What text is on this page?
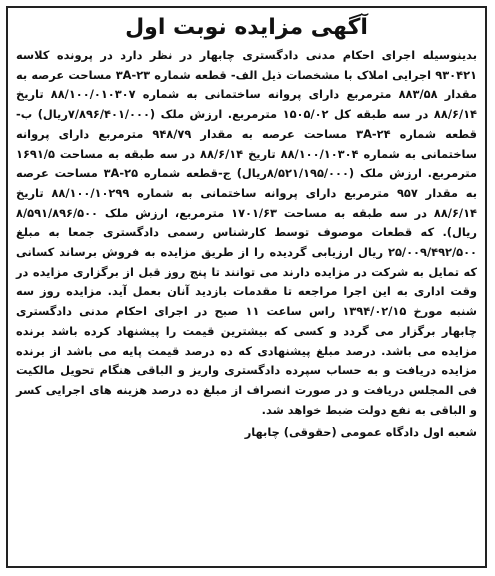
آگهی مزایده نوبت اول

بدینوسیله اجرای احکام مدنی دادگستری چابهار در نظر دارد در پرونده کلاسه ۹۳۰۴۲۱ اجرایی املاک با مشخصات ذیل الف- قطعه شماره ۲۳-۳A مساحت عرصه به مقدار ۸۸۳/۵۸ مترمربع دارای پروانه ساختمانی به شماره ۸۸/۱۰۰/۰۱۰۳۰۷ تاریخ ۸۸/۶/۱۴ در سه طبقه کل ۱۵۰۵/۰۲ مترمربع. ارزش ملک (۷/۸۹۶/۴۰۱/۰۰۰ریال) ب-قطعه شماره ۲۴-۳A مساحت عرصه به مقدار ۹۴۸/۷۹ مترمربع دارای پروانه ساختمانی به شماره ۸۸/۱۰۰/۱۰۳۰۴ تاریخ ۸۸/۶/۱۴ در سه طبقه به مساحت ۱۶۹۱/۵ مترمربع. ارزش ملک (۸/۵۲۱/۱۹۵/۰۰۰ریال) ج-قطعه شماره ۲۵-۳A مساحت عرصه به مقدار ۹۵۷ مترمربع دارای پروانه ساختمانی به شماره ۸۸/۱۰۰/۱۰۲۹۹ تاریخ ۸۸/۶/۱۴ در سه طبقه به مساحت ۱۷۰۱/۶۳ مترمربع، ارزش ملک ۸/۵۹۱/۸۹۶/۵۰۰ ریال). که قطعات موصوف توسط کارشناس رسمی دادگستری جمعا به مبلغ ۲۵/۰۰۹/۴۹۲/۵۰۰ ریال ارزیابی گردیده را از طریق مزایده به فروش برساند کسانی که تمایل به شرکت در مزایده دارند می توانند تا پنج روز قبل از برگزاری مزایده در وقت اداری به این اجرا مراجعه تا مقدمات بازدید آنان بعمل آید. مزایده روز سه شنبه مورخ ۱۳۹۴/۰۲/۱۵ راس ساعت ۱۱ صبح در اجرای احکام مدنی دادگستری چابهار برگزار می گردد و کسی که بیشترین قیمت را پیشنهاد کرده باشد برنده مزایده می باشد. درصد مبلغ پیشنهادی که ده درصد قیمت پایه می باشد از برنده مزایده دریافت و به حساب سپرده دادگستری واریز و الباقی هنگام تحویل مالکیت فی المجلس دریافت و در صورت انصراف از مبلغ ده درصد هزینه های اجرایی کسر و الباقی به نفع دولت ضبط خواهد شد.

شعبه اول دادگاه عمومی (حقوقی) چابهار
